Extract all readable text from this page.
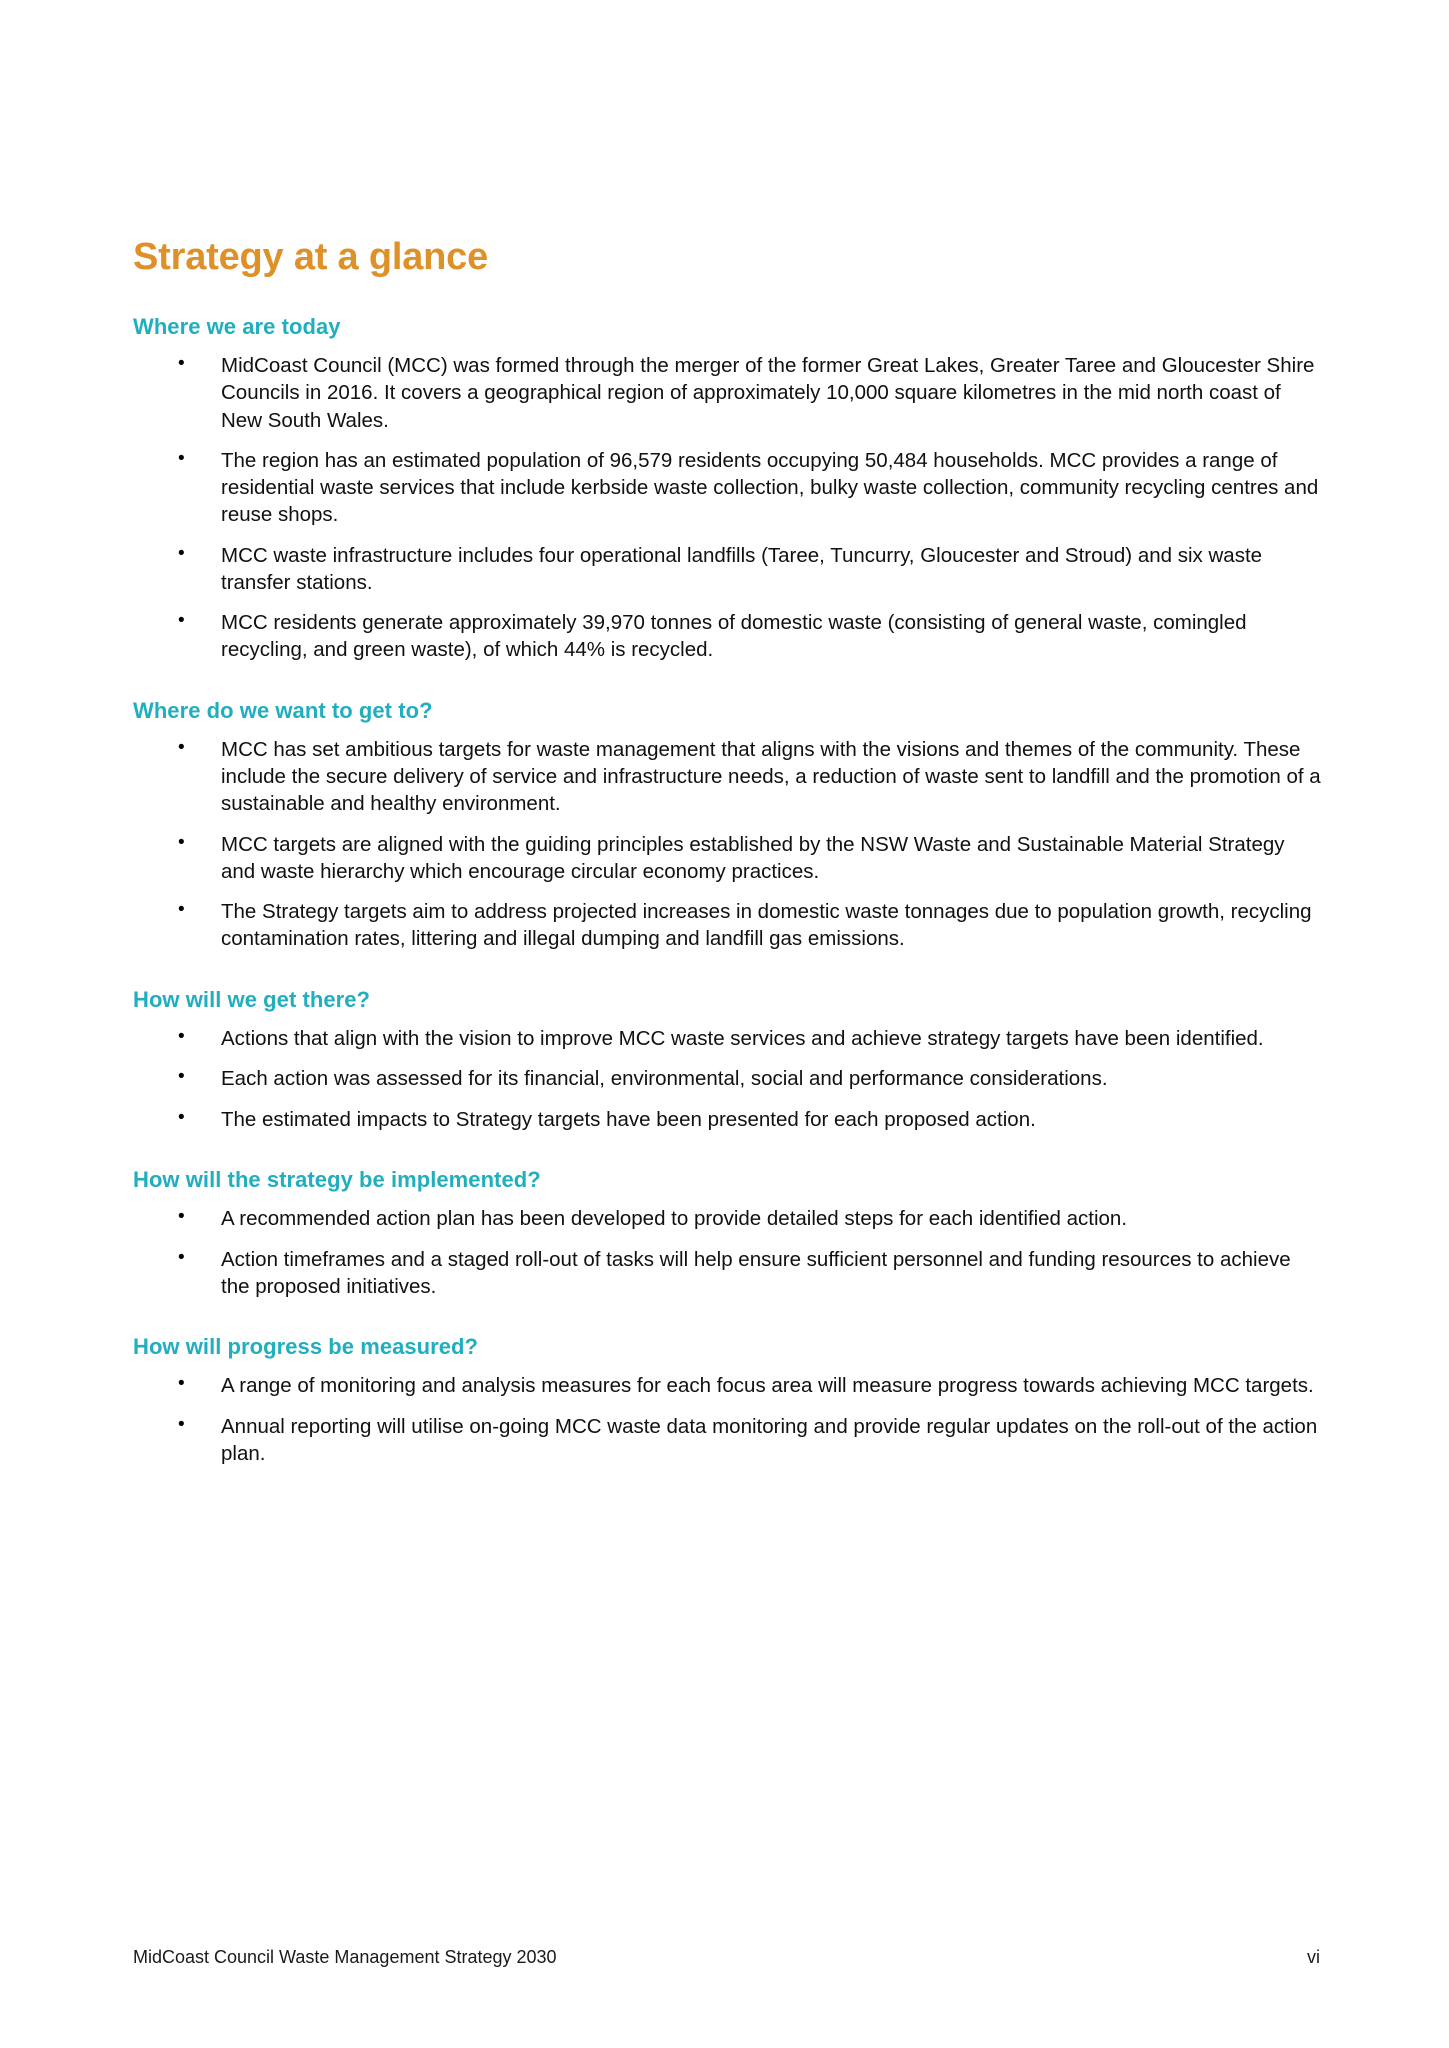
Strategy at a glance
Where we are today
• MidCoast Council (MCC) was formed through the merger of the former Great Lakes, Greater Taree and Gloucester Shire Councils in 2016. It covers a geographical region of approximately 10,000 square kilometres in the mid north coast of New South Wales.
• The region has an estimated population of 96,579 residents occupying 50,484 households. MCC provides a range of residential waste services that include kerbside waste collection, bulky waste collection, community recycling centres and reuse shops.
• MCC waste infrastructure includes four operational landfills (Taree, Tuncurry, Gloucester and Stroud) and six waste transfer stations.
• MCC residents generate approximately 39,970 tonnes of domestic waste (consisting of general waste, comingled recycling, and green waste), of which 44% is recycled.
Where do we want to get to?
• MCC has set ambitious targets for waste management that aligns with the visions and themes of the community. These include the secure delivery of service and infrastructure needs, a reduction of waste sent to landfill and the promotion of a sustainable and healthy environment.
• MCC targets are aligned with the guiding principles established by the NSW Waste and Sustainable Material Strategy and waste hierarchy which encourage circular economy practices.
• The Strategy targets aim to address projected increases in domestic waste tonnages due to population growth, recycling contamination rates, littering and illegal dumping and landfill gas emissions.
How will we get there?
• Actions that align with the vision to improve MCC waste services and achieve strategy targets have been identified.
• Each action was assessed for its financial, environmental, social and performance considerations.
• The estimated impacts to Strategy targets have been presented for each proposed action.
How will the strategy be implemented?
• A recommended action plan has been developed to provide detailed steps for each identified action.
• Action timeframes and a staged roll-out of tasks will help ensure sufficient personnel and funding resources to achieve the proposed initiatives.
How will progress be measured?
• A range of monitoring and analysis measures for each focus area will measure progress towards achieving MCC targets.
• Annual reporting will utilise on-going MCC waste data monitoring and provide regular updates on the roll-out of the action plan.
MidCoast Council Waste Management Strategy 2030	vi
